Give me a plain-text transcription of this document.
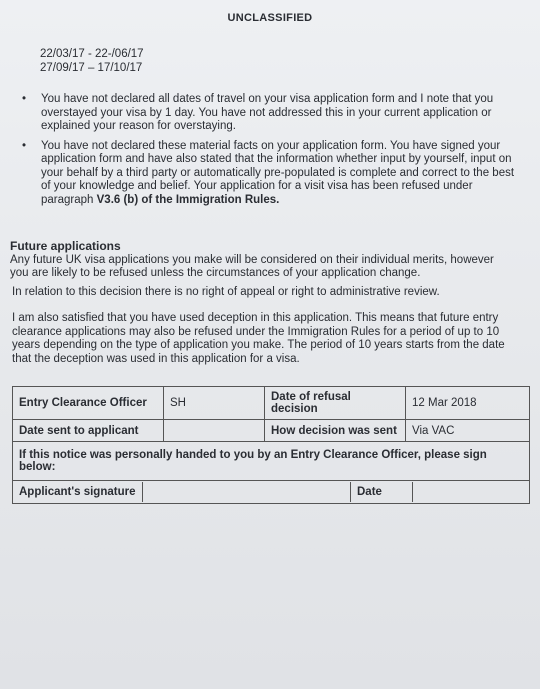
UNCLASSIFIED
22/03/17 - 22-/06/17
27/09/17 – 17/10/17
• You have not declared all dates of travel on your visa application form and I note that you overstayed your visa by 1 day. You have not addressed this in your current application or explained your reason for overstaying.
• You have not declared these material facts on your application form. You have signed your application form and have also stated that the information whether input by yourself, input on your behalf by a third party or automatically pre-populated is complete and correct to the best of your knowledge and belief. Your application for a visit visa has been refused under paragraph V3.6 (b) of the Immigration Rules.
Future applications

Any future UK visa applications you make will be considered on their individual merits, however you are likely to be refused unless the circumstances of your application change.

In relation to this decision there is no right of appeal or right to administrative review.
I am also satisfied that you have used deception in this application. This means that future entry clearance applications may also be refused under the Immigration Rules for a period of up to 10 years depending on the type of application you make. The period of 10 years starts from the date that the deception was used in this application for a visa.
Entry Clearance Officer	SH	Date of refusal decision	12 Mar 2018
Date sent to applicant		How decision was sent	Via VAC
If this notice was personally handed to you by an Entry Clearance Officer, please sign below:			

Applicant's signature Date			
